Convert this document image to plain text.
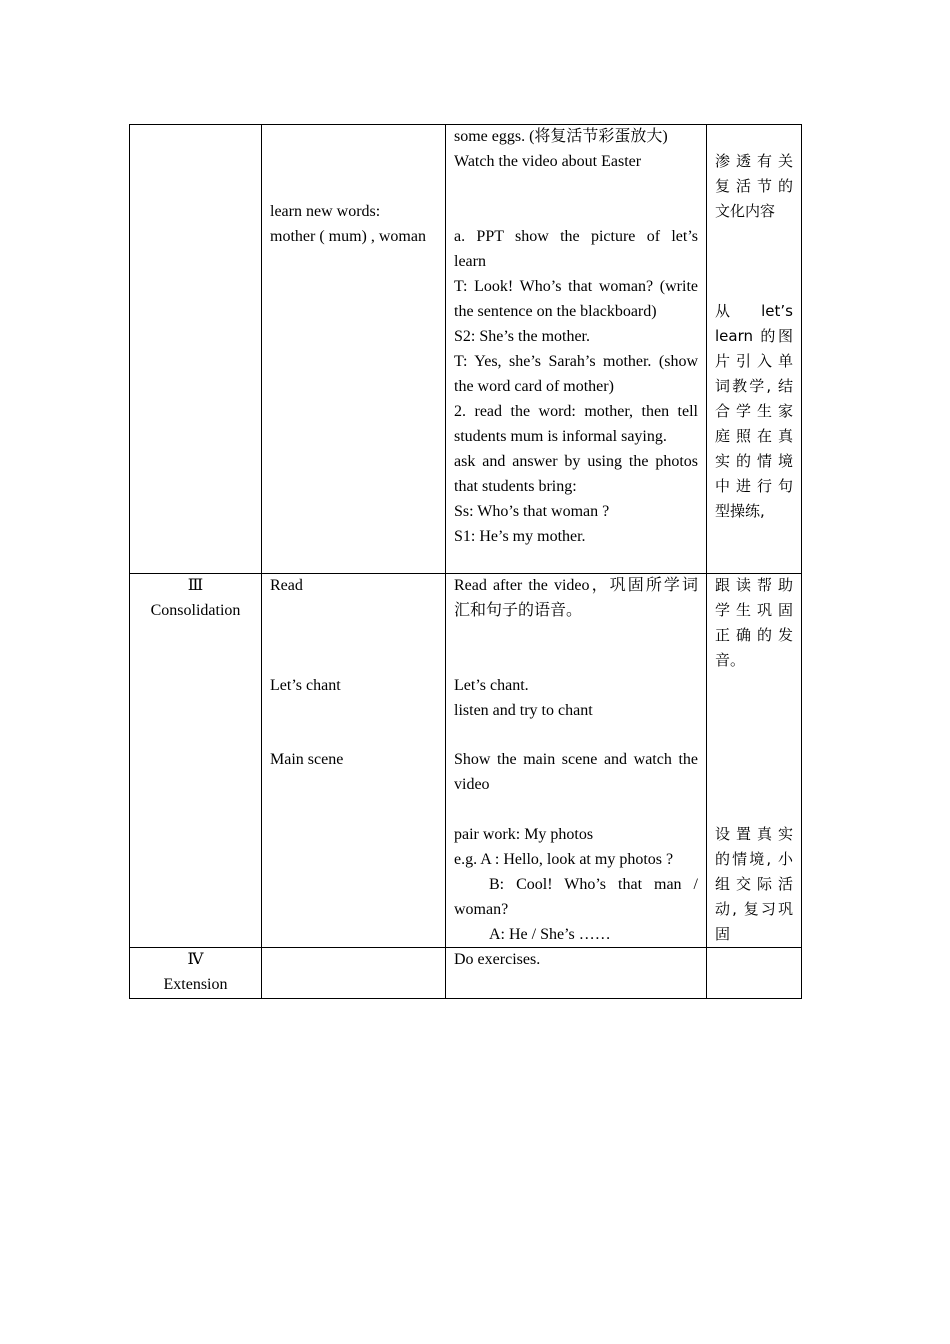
learn new words:
mother ( mum) , woman
some eggs. (将复活节彩蛋放大)
Watch the video about Easter
a. PPT show the picture of let’s
learn
T: Look! Who’s that woman? (write
the sentence on the blackboard)
S2: She’s the mother.
T: Yes, she’s Sarah’s mother. (show
the word card of mother)
2. read the word: mother, then tell
students mum is informal saying.
ask and answer by using the photos
that students bring:
Ss: Who’s that woman ?
S1: He’s my mother.
渗透有关
复活节的
文化内容
从 let’s
learn 的图
片引入单
词教学, 结
合学生家
庭照在真
实的情境
中进行句
型操练,
Ⅲ
Consolidation
Read
Let’s chant
Main scene
Read after the video，巩固所学词
汇和句子的语音。
Let’s chant.
listen and try to chant
Show the main scene and watch the
video
pair work: My photos
e.g. A : Hello, look at my photos ?
B: Cool! Who’s that man /
woman?
A: He / She’s ……
跟读帮助
学生巩固
正确的发
音。
设置真实
的情境, 小
组交际活
动, 复习巩
固
Ⅳ
Extension
Do exercises.
